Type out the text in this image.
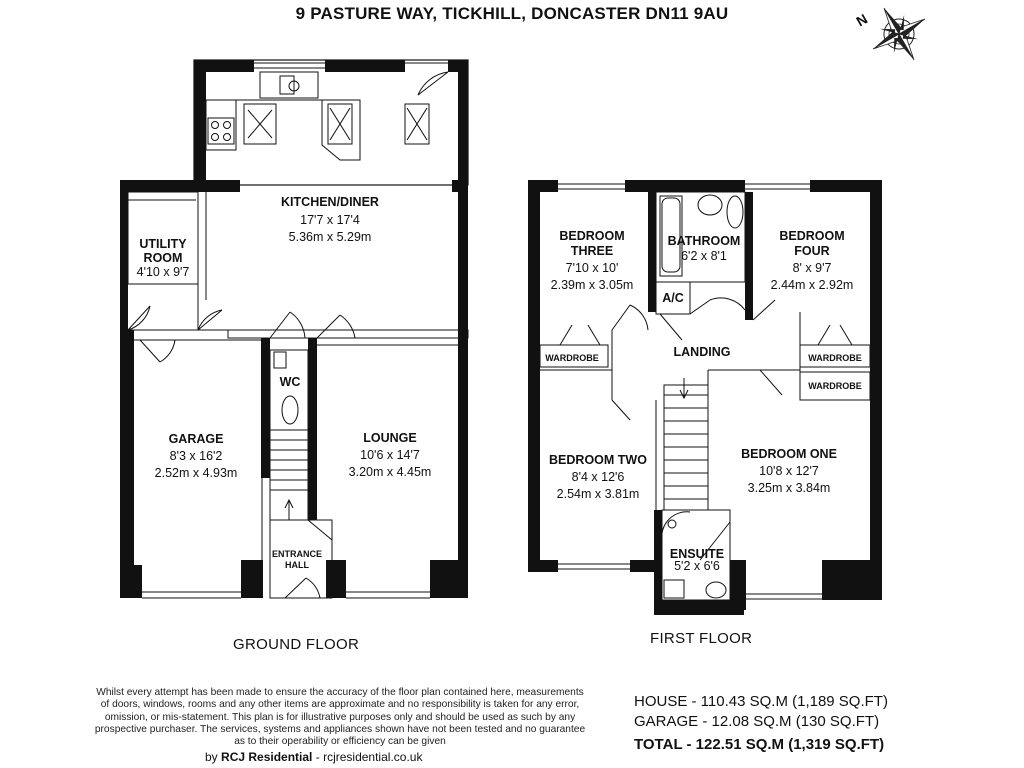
9 PASTURE WAY, TICKHILL, DONCASTER DN11 9AU	N
KITCHEN/DINER
17'7 x 17'4
5.36m x 5.29m
UTILITY
ROOM
4'10 x 9'7
GARAGE
8'3 x 16'2
2.52m x 4.93m
WC
LOUNGE
10'6 x 14'7
3.20m x 4.45m
ENTRANCE
HALL
BEDROOM
THREE
7'10 x 10'
2.39m x 3.05m
BATHROOM
6'2 x 8'1
BEDROOM
FOUR
8' x 9'7
2.44m x 2.92m
A/C
LANDING
WARDROBE	WARDROBE
WARDROBE
BEDROOM TWO
8'4 x 12'6
2.54m x 3.81m
BEDROOM ONE
10'8 x 12'7
3.25m x 3.84m
ENSUITE
5'2 x 6'6
GROUND FLOOR	FIRST FLOOR
Whilst every attempt has been made to ensure the accuracy of the floor plan contained here, measurements of doors, windows, rooms and any other items are approximate and no responsibility is taken for any error, omission, or mis-statement. This plan is for illustrative purposes only and should be used as such by any prospective purchaser. The services, systems and appliances shown have not been tested and no guarantee as to their operability or efficiency can be given
by RCJ Residential - rcjresidential.co.uk
HOUSE - 110.43 SQ.M (1,189 SQ.FT)
GARAGE - 12.08 SQ.M (130 SQ.FT)
TOTAL - 122.51 SQ.M (1,319 SQ.FT)
